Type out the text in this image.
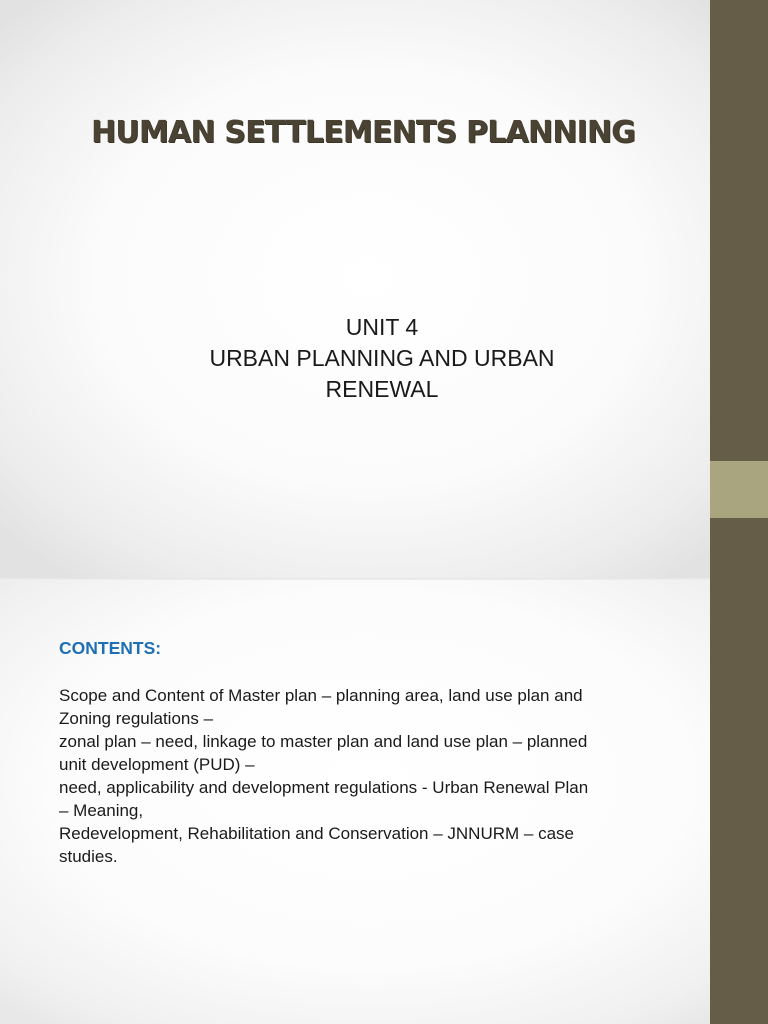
HUMAN SETTLEMENTS PLANNING
UNIT 4
URBAN PLANNING AND URBAN
RENEWAL
CONTENTS:
Scope and Content of Master plan – planning area, land use plan and
Zoning regulations –
zonal plan – need, linkage to master plan and land use plan – planned
unit development (PUD) –
need, applicability and development regulations - Urban Renewal Plan
– Meaning,
Redevelopment, Rehabilitation and Conservation – JNNURM – case
studies.
